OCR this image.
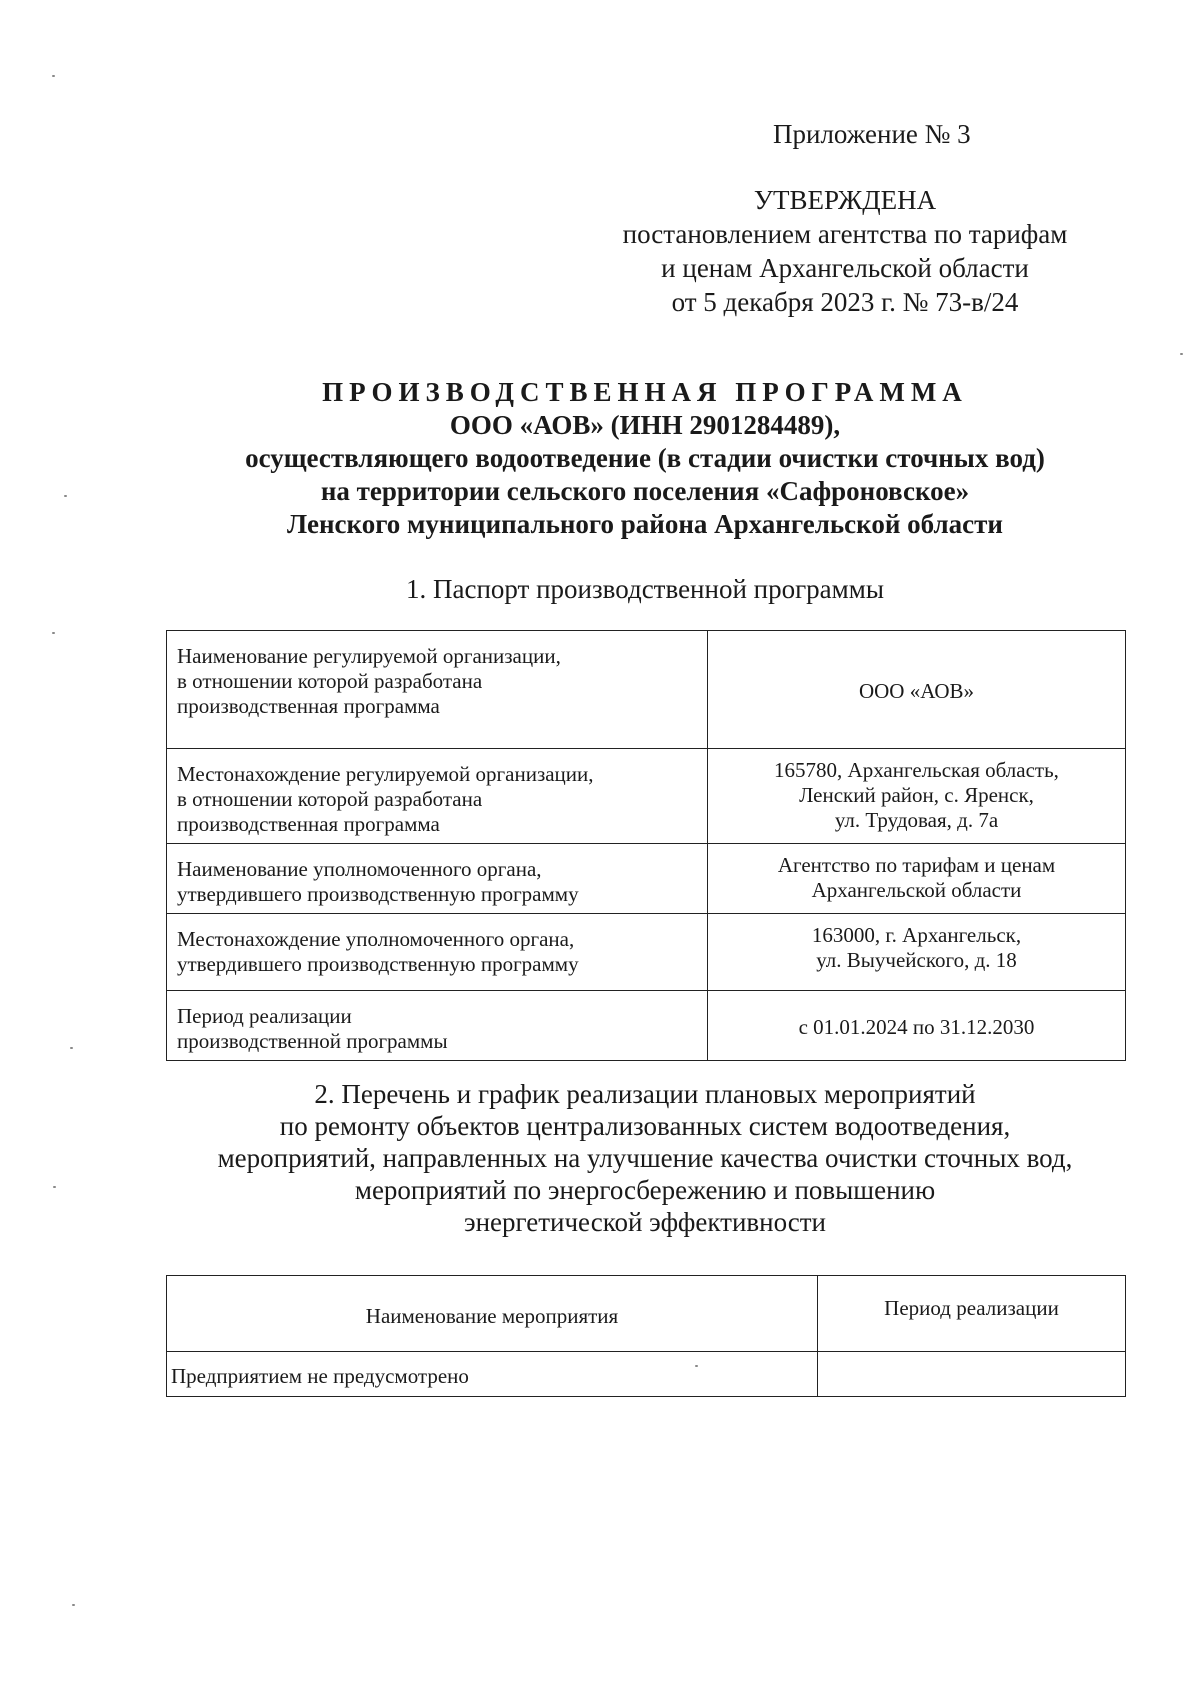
Приложение № 3
УТВЕРЖДЕНА
постановлением агентства по тарифам
и ценам Архангельской области
от 5 декабря 2023 г. № 73-в/24
ПРОИЗВОДСТВЕННАЯ ПРОГРАММА
ООО «АОВ» (ИНН 2901284489),
осуществляющего водоотведение (в стадии очистки сточных вод)
на территории сельского поселения «Сафроновское»
Ленского муниципального района Архангельской области
1. Паспорт производственной программы
Наименование регулируемой организации,
в отношении которой разработана
производственная программа	ООО «АОВ»

Местонахождение регулируемой организации,
в отношении которой разработана
производственная программа	165780, Архангельская область,
Ленский район, с. Яренск,
ул. Трудовая, д. 7а

Наименование уполномоченного органа,
утвердившего производственную программу	Агентство по тарифам и ценам
Архангельской области

Местонахождение уполномоченного органа,
утвердившего производственную программу	163000, г. Архангельск,
ул. Выучейского, д. 18

Период реализации
производственной программы	с 01.01.2024 по 31.12.2030
2. Перечень и график реализации плановых мероприятий
по ремонту объектов централизованных систем водоотведения,
мероприятий, направленных на улучшение качества очистки сточных вод,
мероприятий по энергосбережению и повышению
энергетической эффективности
Наименование мероприятия	Период реализации
Предприятием не предусмотрено	
